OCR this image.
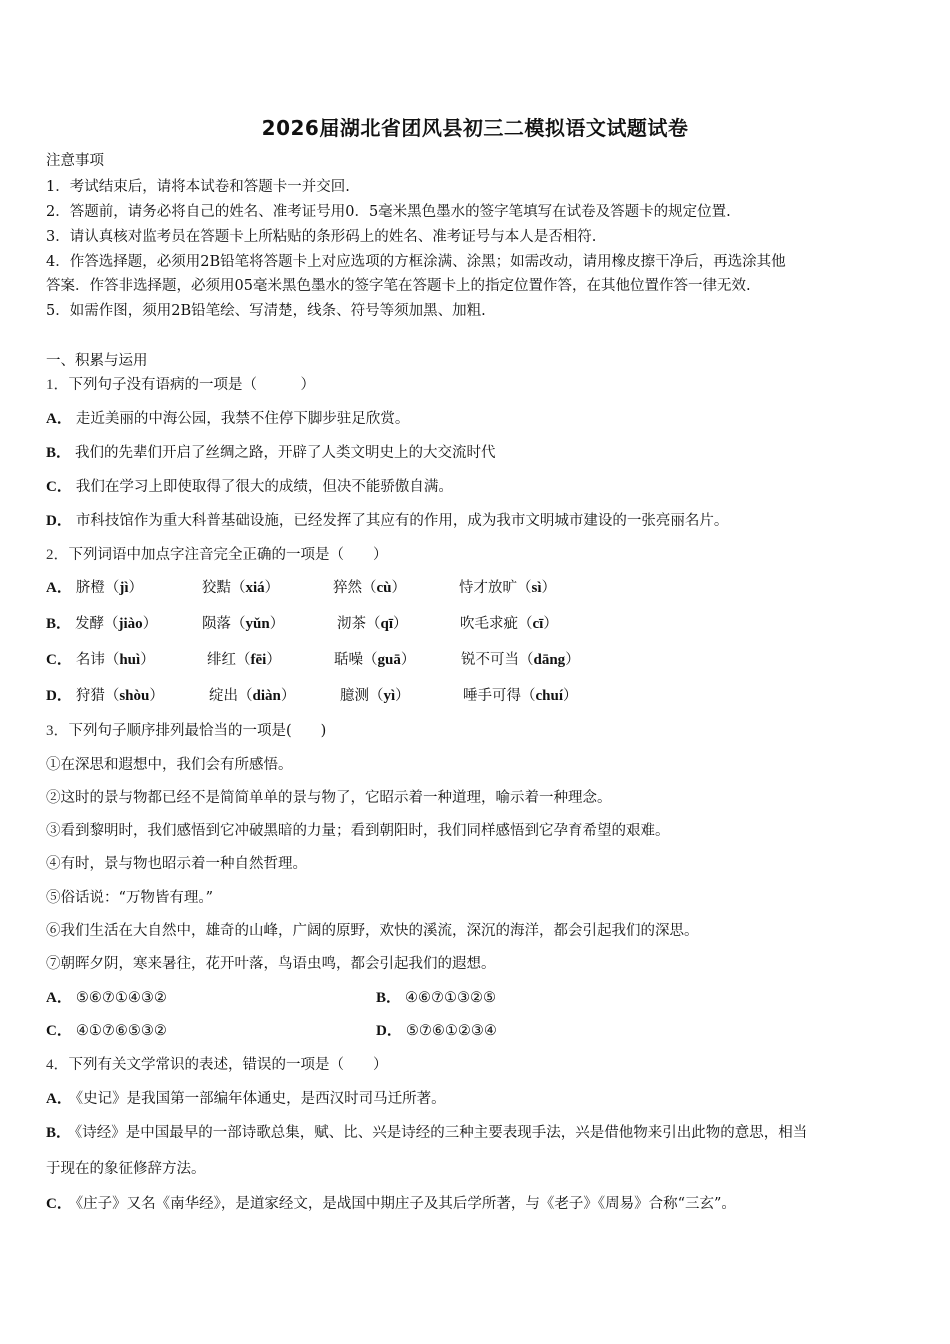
2026届湖北省团风县初三二模拟语文试题试卷
注意事项
1．考试结束后，请将本试卷和答题卡一并交回.
2．答题前，请务必将自己的姓名、准考证号用0．5毫米黑色墨水的签字笔填写在试卷及答题卡的规定位置.
3．请认真核对监考员在答题卡上所粘贴的条形码上的姓名、准考证号与本人是否相符.
4．作答选择题，必须用2B铅笔将答题卡上对应选项的方框涂满、涂黑；如需改动，请用橡皮擦干净后，再选涂其他
答案．作答非选择题，必须用05毫米黑色墨水的签字笔在答题卡上的指定位置作答，在其他位置作答一律无效.
5．如需作图，须用2B铅笔绘、写清楚，线条、符号等须加黑、加粗.
一、积累与运用
1．下列句子没有语病的一项是（　　　）
A． 走近美丽的中海公园，我禁不住停下脚步驻足欣赏。
B． 我们的先辈们开启了丝绸之路，开辟了人类文明史上的大交流时代
C． 我们在学习上即使取得了很大的成绩，但决不能骄傲自满。
D． 市科技馆作为重大科普基础设施，已经发挥了其应有的作用，成为我市文明城市建设的一张亮丽名片。
2．下列词语中加点字注音完全正确的一项是（　　）
A． 脐橙（jì）	狡黠（xiá）	猝然（cù）	恃才放旷（sì）
B． 发酵（jiào）	陨落（yǔn）	沏茶（qī）	吹毛求疵（cī）
C． 名讳（huì）	绯红（fēi）	聒噪（guā）	锐不可当（dāng）
D． 狩猎（shòu）	绽出（diàn）	臆测（yì）	唾手可得（chuí）
3．下列句子顺序排列最恰当的一项是(　　)
①在深思和遐想中，我们会有所感悟。
②这时的景与物都已经不是简简单单的景与物了，它昭示着一种道理，喻示着一种理念。
③看到黎明时，我们感悟到它冲破黑暗的力量；看到朝阳时，我们同样感悟到它孕育希望的艰难。
④有时，景与物也昭示着一种自然哲理。
⑤俗话说：“万物皆有理。”
⑥我们生活在大自然中，雄奇的山峰，广阔的原野，欢快的溪流，深沉的海洋，都会引起我们的深思。
⑦朝晖夕阴，寒来暑往，花开叶落，鸟语虫鸣，都会引起我们的遐想。
A． ⑤⑥⑦①④③②	B． ④⑥⑦①③②⑤
C． ④①⑦⑥⑤③②	D． ⑤⑦⑥①②③④
4．下列有关文学常识的表述，错误的一项是（　　）
A． 《史记》是我国第一部编年体通史，是西汉时司马迁所著。
B． 《诗经》是中国最早的一部诗歌总集，赋、比、兴是诗经的三种主要表现手法，兴是借他物来引出此物的意思，相当
于现在的象征修辞方法。
C． 《庄子》又名《南华经》，是道家经文，是战国中期庄子及其后学所著，与《老子》《周易》合称“三玄”。
